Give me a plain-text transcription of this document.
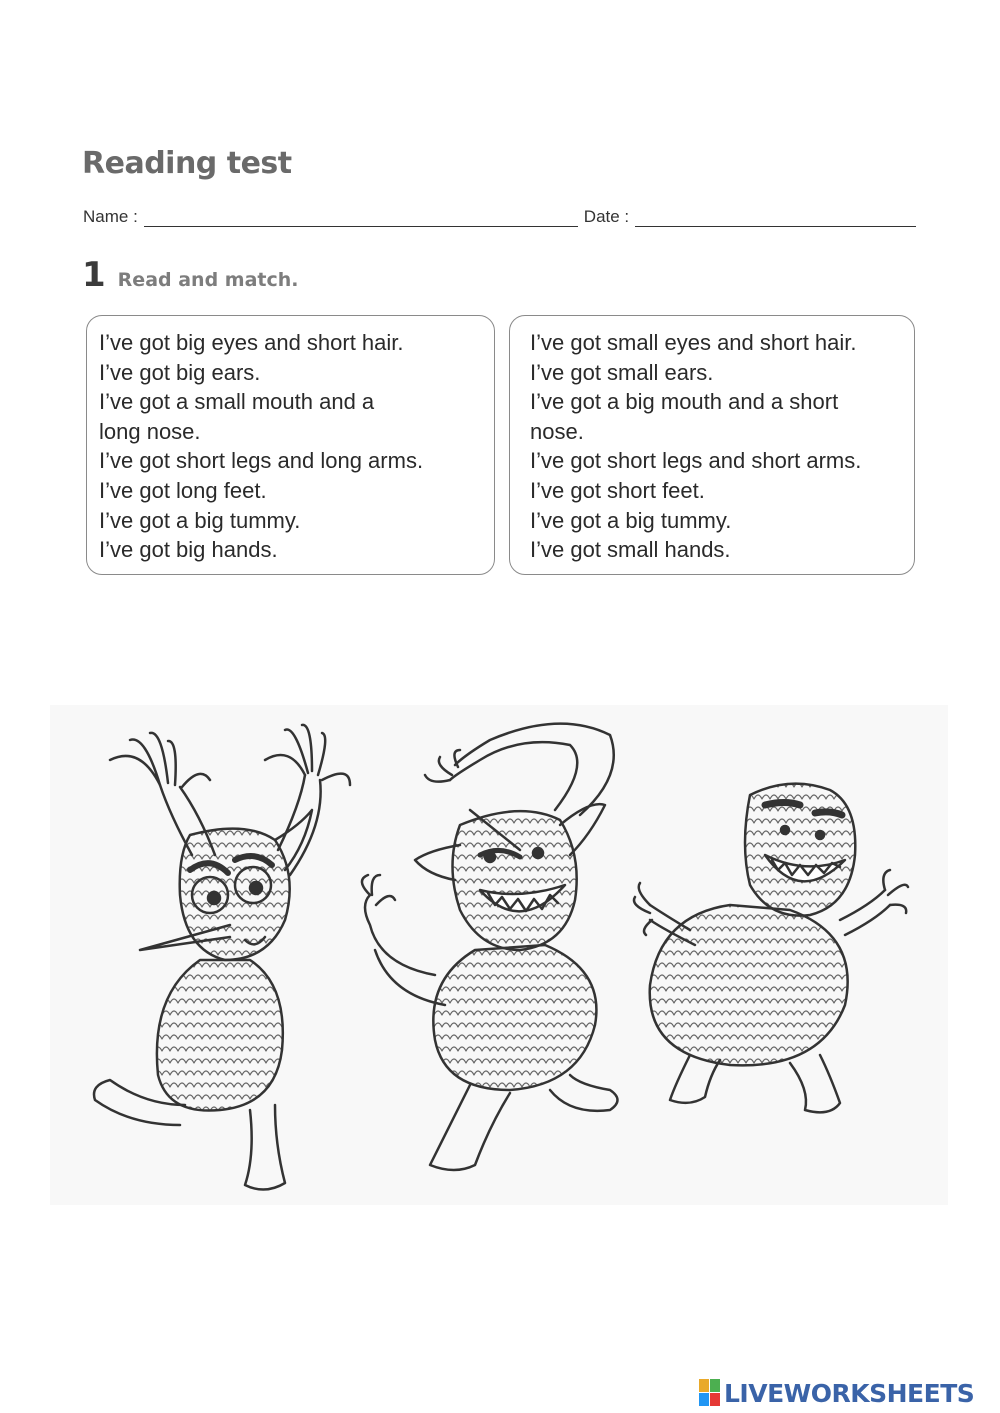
Reading test
Name :	Date :
1 Read and match.
I’ve got big eyes and short hair.
I’ve got big ears.
I’ve got a small mouth and a
long nose.
I’ve got short legs and long arms.
I’ve got long feet.
I’ve got a big tummy.
I’ve got big hands.
I’ve got small eyes and short hair.
I’ve got small ears.
I’ve got a big mouth and a short
nose.
I’ve got short legs and short arms.
I’ve got short feet.
I’ve got a big tummy.
I’ve got small hands.
LIVEWORKSHEETS
